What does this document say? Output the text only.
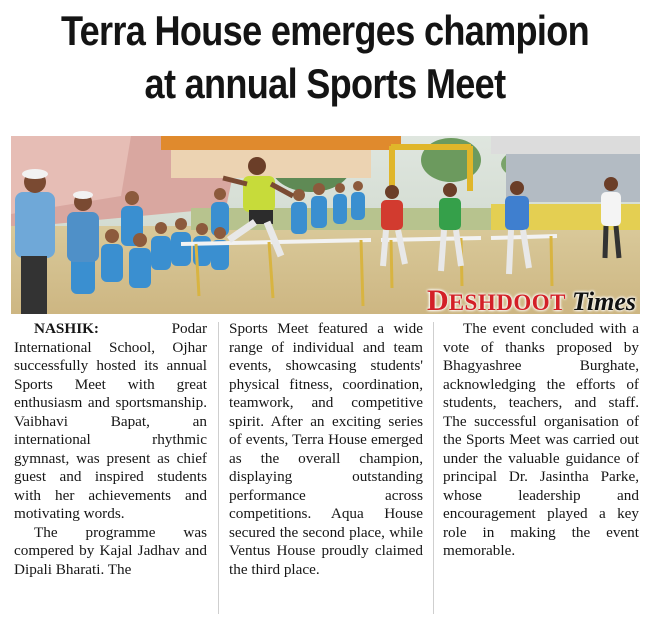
Terra House emerges champion
at annual Sports Meet
DESHDOOT Times

NASHIK: Podar International School, Ojhar successfully hosted its annual Sports Meet with great enthusiasm and sportsmanship. Vaibhavi Bapat, an international rhythmic gymnast, was present as chief guest and inspired students with her achievements and motivating words.

The programme was compered by Kajal Jadhav and Dipali Bharati. The

Sports Meet featured a wide range of individual and team events, showcasing students' physical fitness, coordination, teamwork, and competitive spirit. After an exciting series of events, Terra House emerged as the overall champion, displaying outstanding performance across competitions. Aqua House secured the second place, while Ventus House proudly claimed the third place.

The event concluded with a vote of thanks proposed by Bhagyashree Burghate, acknowledging the efforts of students, teachers, and staff. The successful organisation of the Sports Meet was carried out under the valuable guidance of principal Dr. Jasintha Parke, whose leadership and encouragement played a key role in making the event memorable.
